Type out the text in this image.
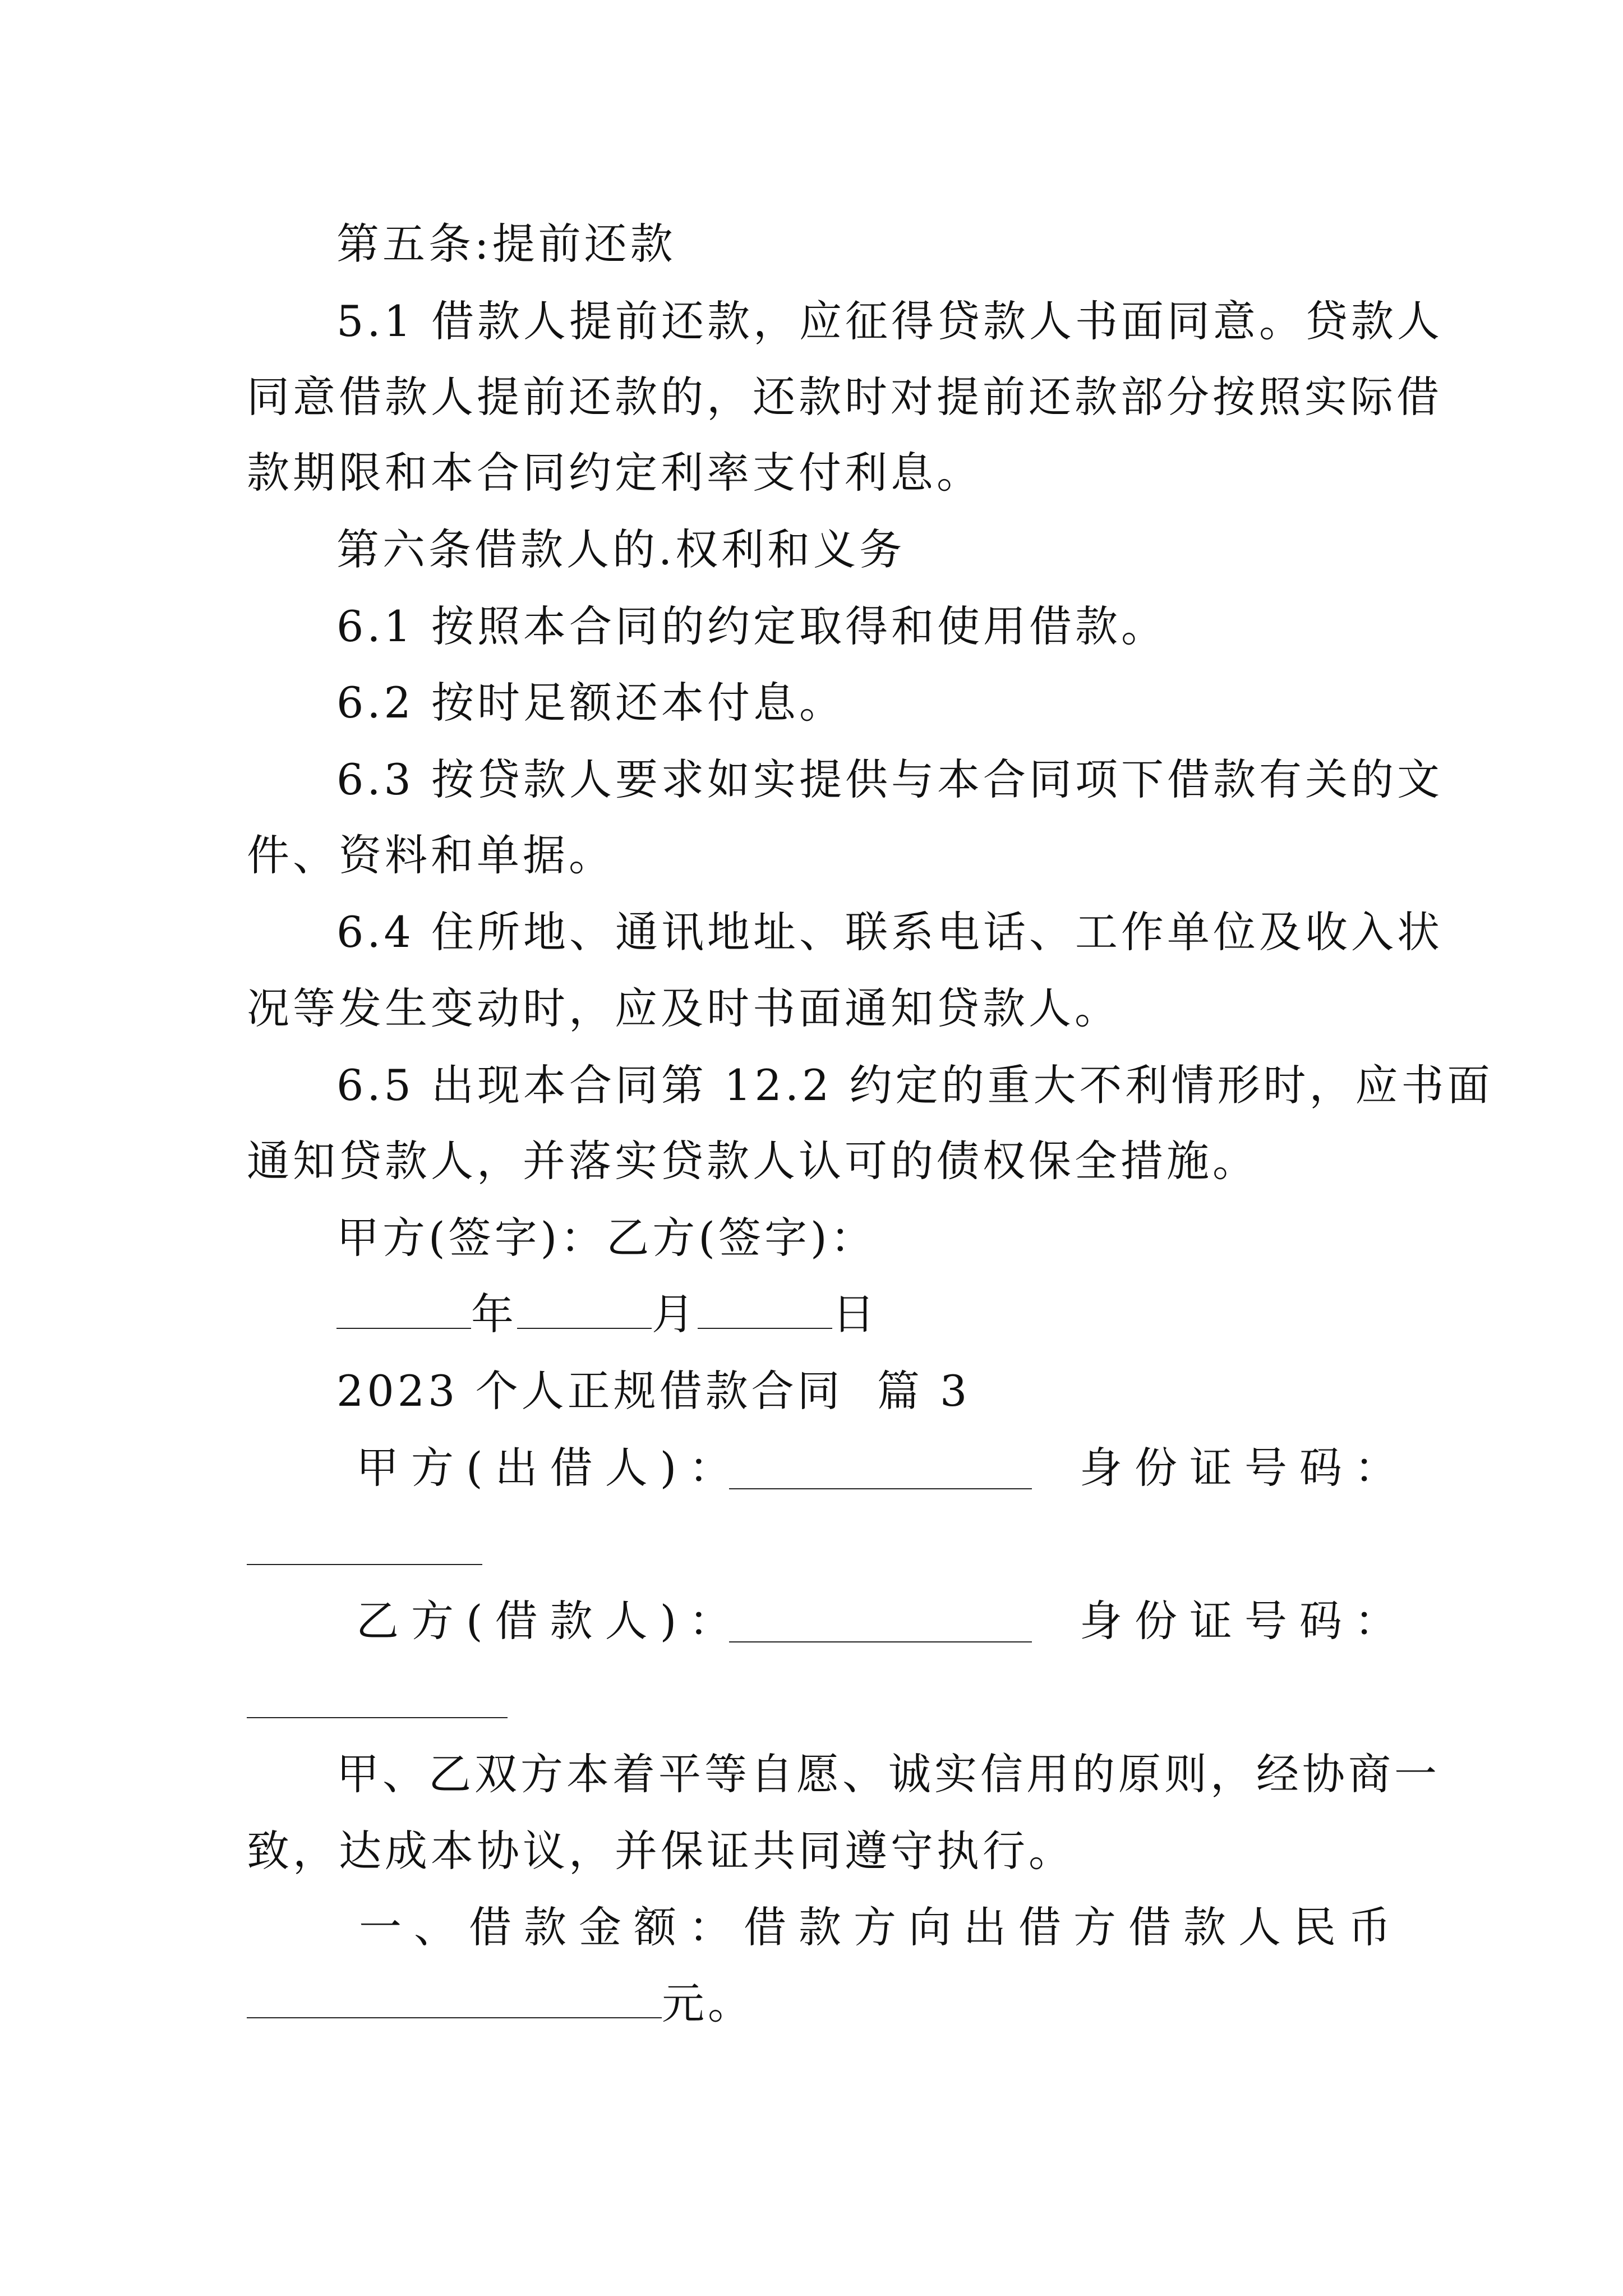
第五条:提前还款
5.1 借款人提前还款，应征得贷款人书面同意。贷款人
同意借款人提前还款的，还款时对提前还款部分按照实际借
款期限和本合同约定利率支付利息。
第六条借款人的.权利和义务
6.1 按照本合同的约定取得和使用借款。
6.2 按时足额还本付息。
6.3 按贷款人要求如实提供与本合同项下借款有关的文
件、资料和单据。
6.4 住所地、通讯地址、联系电话、工作单位及收入状
况等发生变动时，应及时书面通知贷款人。
6.5 出现本合同第 12.2 约定的重大不利情形时，应书面
通知贷款人，并落实贷款人认可的债权保全措施。
甲方(签字)：乙方(签字)：
年	月	日
2023 个人正规借款合同  篇 3
甲方(出借人)：	身份证号码：
乙方(借款人)：	身份证号码：
甲、乙双方本着平等自愿、诚实信用的原则，经协商一
致，达成本协议，并保证共同遵守执行。
一、借款金额：借款方向出借方借款人民币
元。
